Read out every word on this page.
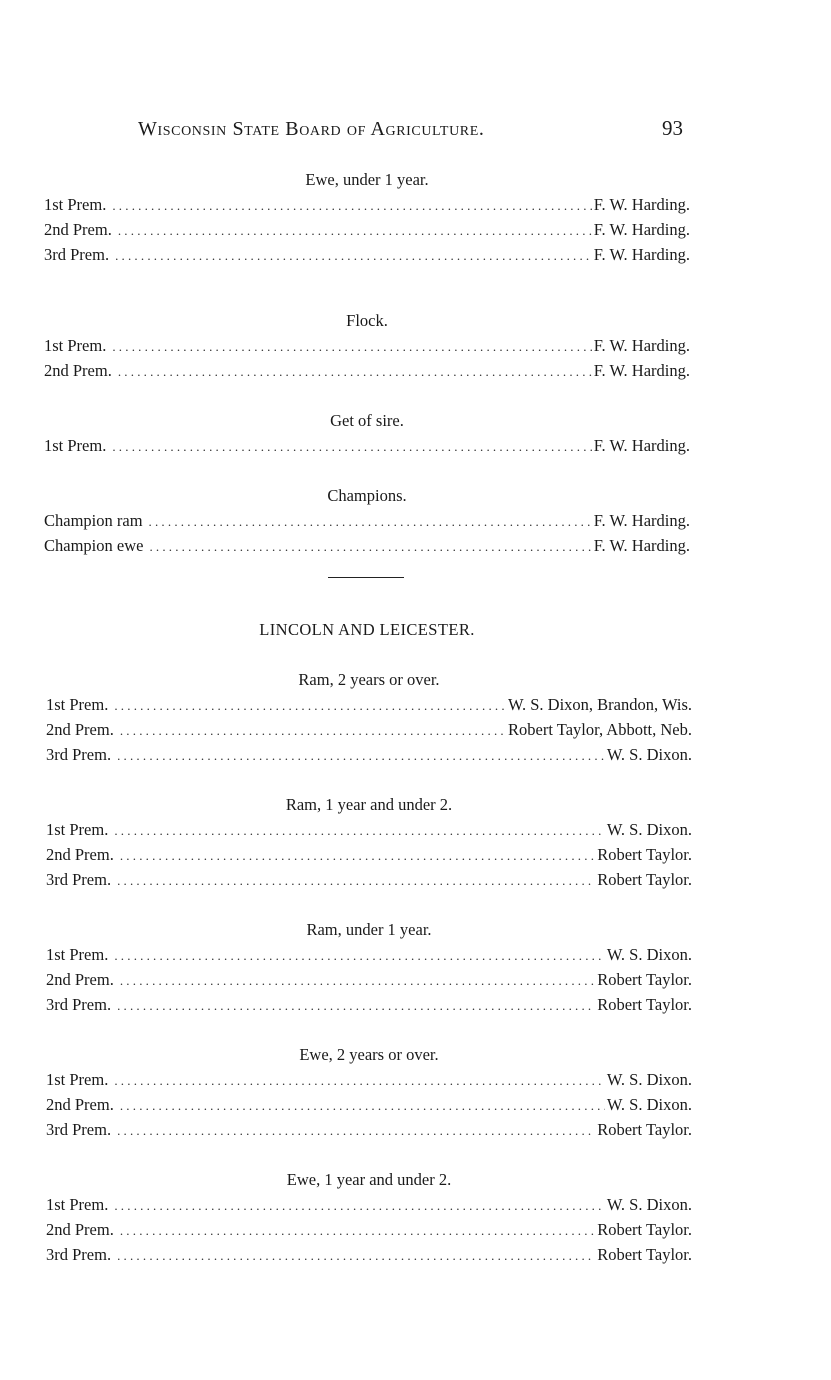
Wisconsin State Board of Agriculture.	93
Ewe, under 1 year.
1st Prem. .....	F. W. Harding.
2nd Prem. .....	F. W. Harding.
3rd Prem. .....	F. W. Harding.
Flock.
1st Prem. .....	F. W. Harding.
2nd Prem. .....	F. W. Harding.
Get of sire.
1st Prem. .....	F. W. Harding.
Champions.
Champion ram .....	F. W. Harding.
Champion ewe .....	F. W. Harding.
LINCOLN AND LEICESTER.
Ram, 2 years or over.
1st Prem. .....	W. S. Dixon, Brandon, Wis.
2nd Prem. .....	Robert Taylor, Abbott, Neb.
3rd Prem. .....	W. S. Dixon.
Ram, 1 year and under 2.
1st Prem. .....	W. S. Dixon.
2nd Prem. .....	Robert Taylor.
3rd Prem. .....	Robert Taylor.
Ram, under 1 year.
1st Prem. .....	W. S. Dixon.
2nd Prem. .....	Robert Taylor.
3rd Prem. .....	Robert Taylor.
Ewe, 2 years or over.
1st Prem. .....	W. S. Dixon.
2nd Prem. .....	W. S. Dixon.
3rd Prem. .....	Robert Taylor.
Ewe, 1 year and under 2.
1st Prem. .....	W. S. Dixon.
2nd Prem. .....	Robert Taylor.
3rd Prem. .....	Robert Taylor.
